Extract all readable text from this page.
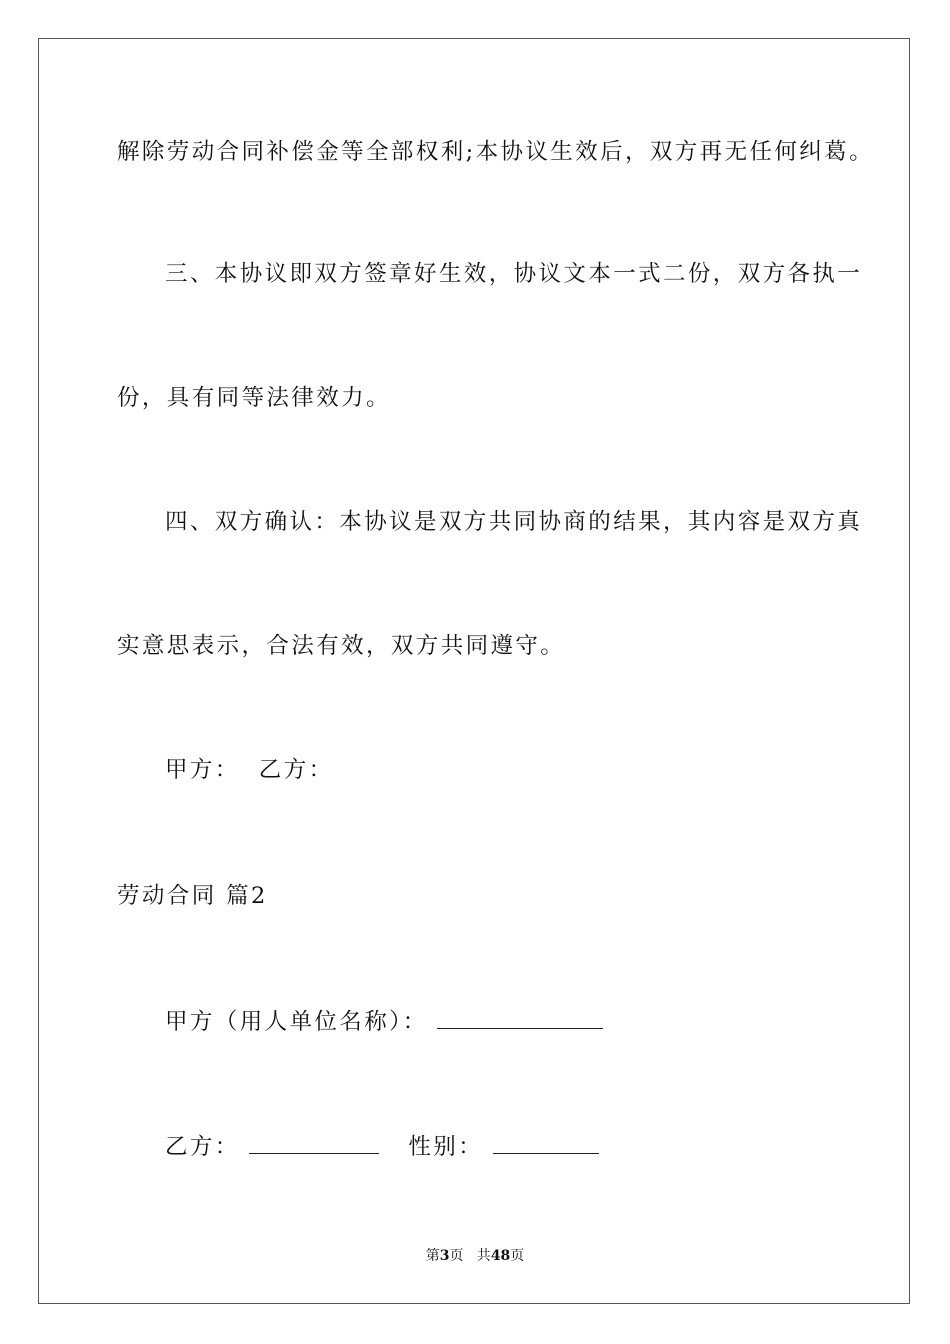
解除劳动合同补偿金等全部权利;本协议生效后，双方再无任何纠葛。
三、本协议即双方签章好生效，协议文本一式二份，双方各执一
份，具有同等法律效力。
四、双方确认：本协议是双方共同协商的结果，其内容是双方真
实意思表示，合法有效，双方共同遵守。
甲方：  乙方：
劳动合同 篇2
甲方（用人单位名称）：
乙方：	性别：
第3页   共48页
